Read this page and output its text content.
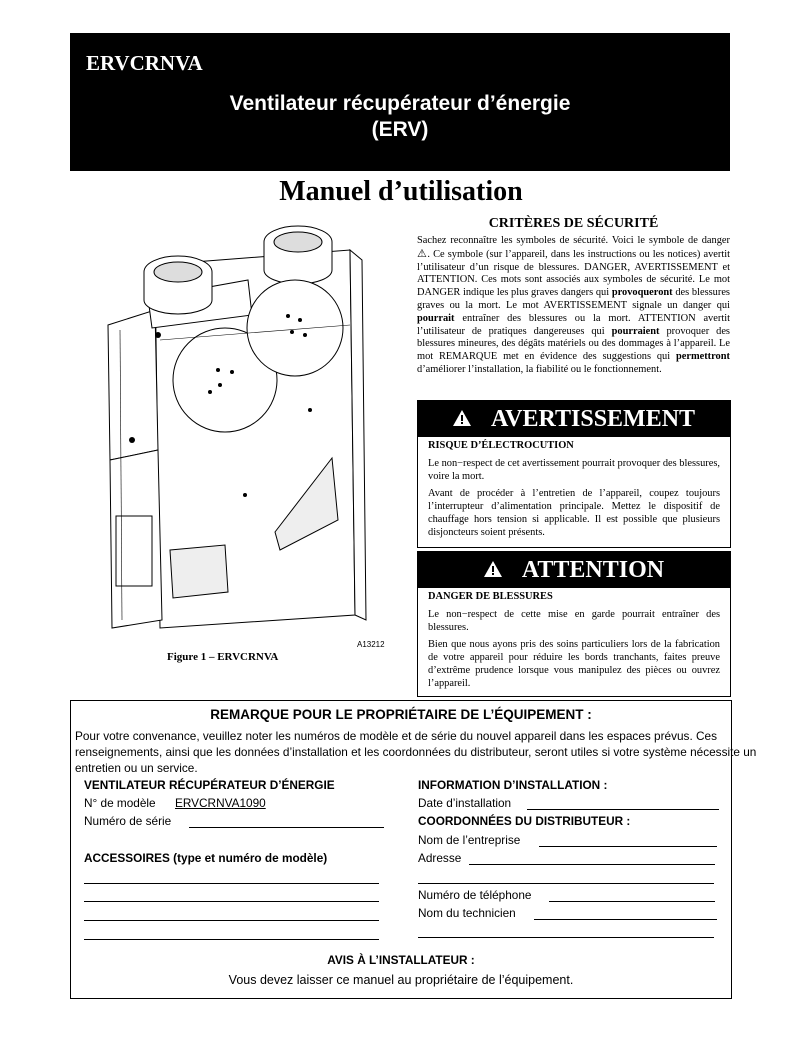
ERVCRNVA
Ventilateur récupérateur d’énergie
(ERV)
Manuel d’utilisation
A13212
Figure 1 – ERVCRNVA
CRITÈRES DE SÉCURITÉ
Sachez reconnaître les symboles de sécurité. Voici le symbole de danger ⚠. Ce symbole (sur l’appareil, dans les instructions ou les notices) avertit l’utilisateur d’un risque de blessures. DANGER, AVERTISSEMENT et ATTENTION. Ces mots sont associés aux symboles de sécurité. Le mot DANGER indique les plus graves dangers qui provoqueront des blessures graves ou la mort. Le mot AVERTISSEMENT signale un danger qui pourrait entraîner des blessures ou la mort. ATTENTION avertit l’utilisateur de pratiques dangereuses qui pourraient provoquer des blessures mineures, des dégâts matériels ou des dommages à l’appareil. Le mot REMARQUE met en évidence des suggestions qui permettront d’améliorer l’installation, la fiabilité ou le fonctionnement.
AVERTISSEMENT
RISQUE D’ÉLECTROCUTION

Le non−respect de cet avertissement pourrait provoquer des blessures, voire la mort.

Avant de procéder à l’entretien de l’appareil, coupez toujours l’interrupteur d’alimentation principale. Mettez le dispositif de chauffage hors tension si applicable. Il est possible que plusieurs disjoncteurs soient présents.

ATTENTION
DANGER DE BLESSURES

Le non−respect de cette mise en garde pourrait entraîner des blessures.

Bien que nous ayons pris des soins particuliers lors de la fabrication de votre appareil pour réduire les bords tranchants, faites preuve d’extrême prudence lorsque vous manipulez des pièces ou ouvrez l’appareil.

REMARQUE POUR LE PROPRIÉTAIRE DE L’ÉQUIPEMENT :
Pour votre convenance, veuillez noter les numéros de modèle et de série du nouvel appareil dans les espaces prévus. Ces renseignements, ainsi que les données d’installation et les coordonnées du distributeur, seront utiles si votre système nécessite un entretien ou un service.
VENTILATEUR RÉCUPÉRATEUR D’ÉNERGIE
N° de modèle ERVCRNVA1090
Numéro de série
ACCESSOIRES (type et numéro de modèle)
INFORMATION D’INSTALLATION :
Date d’installation
COORDONNÉES DU DISTRIBUTEUR :
Nom de l’entreprise
Adresse
Numéro de téléphone
Nom du technicien
AVIS À L’INSTALLATEUR :
Vous devez laisser ce manuel au propriétaire de l’équipement.
